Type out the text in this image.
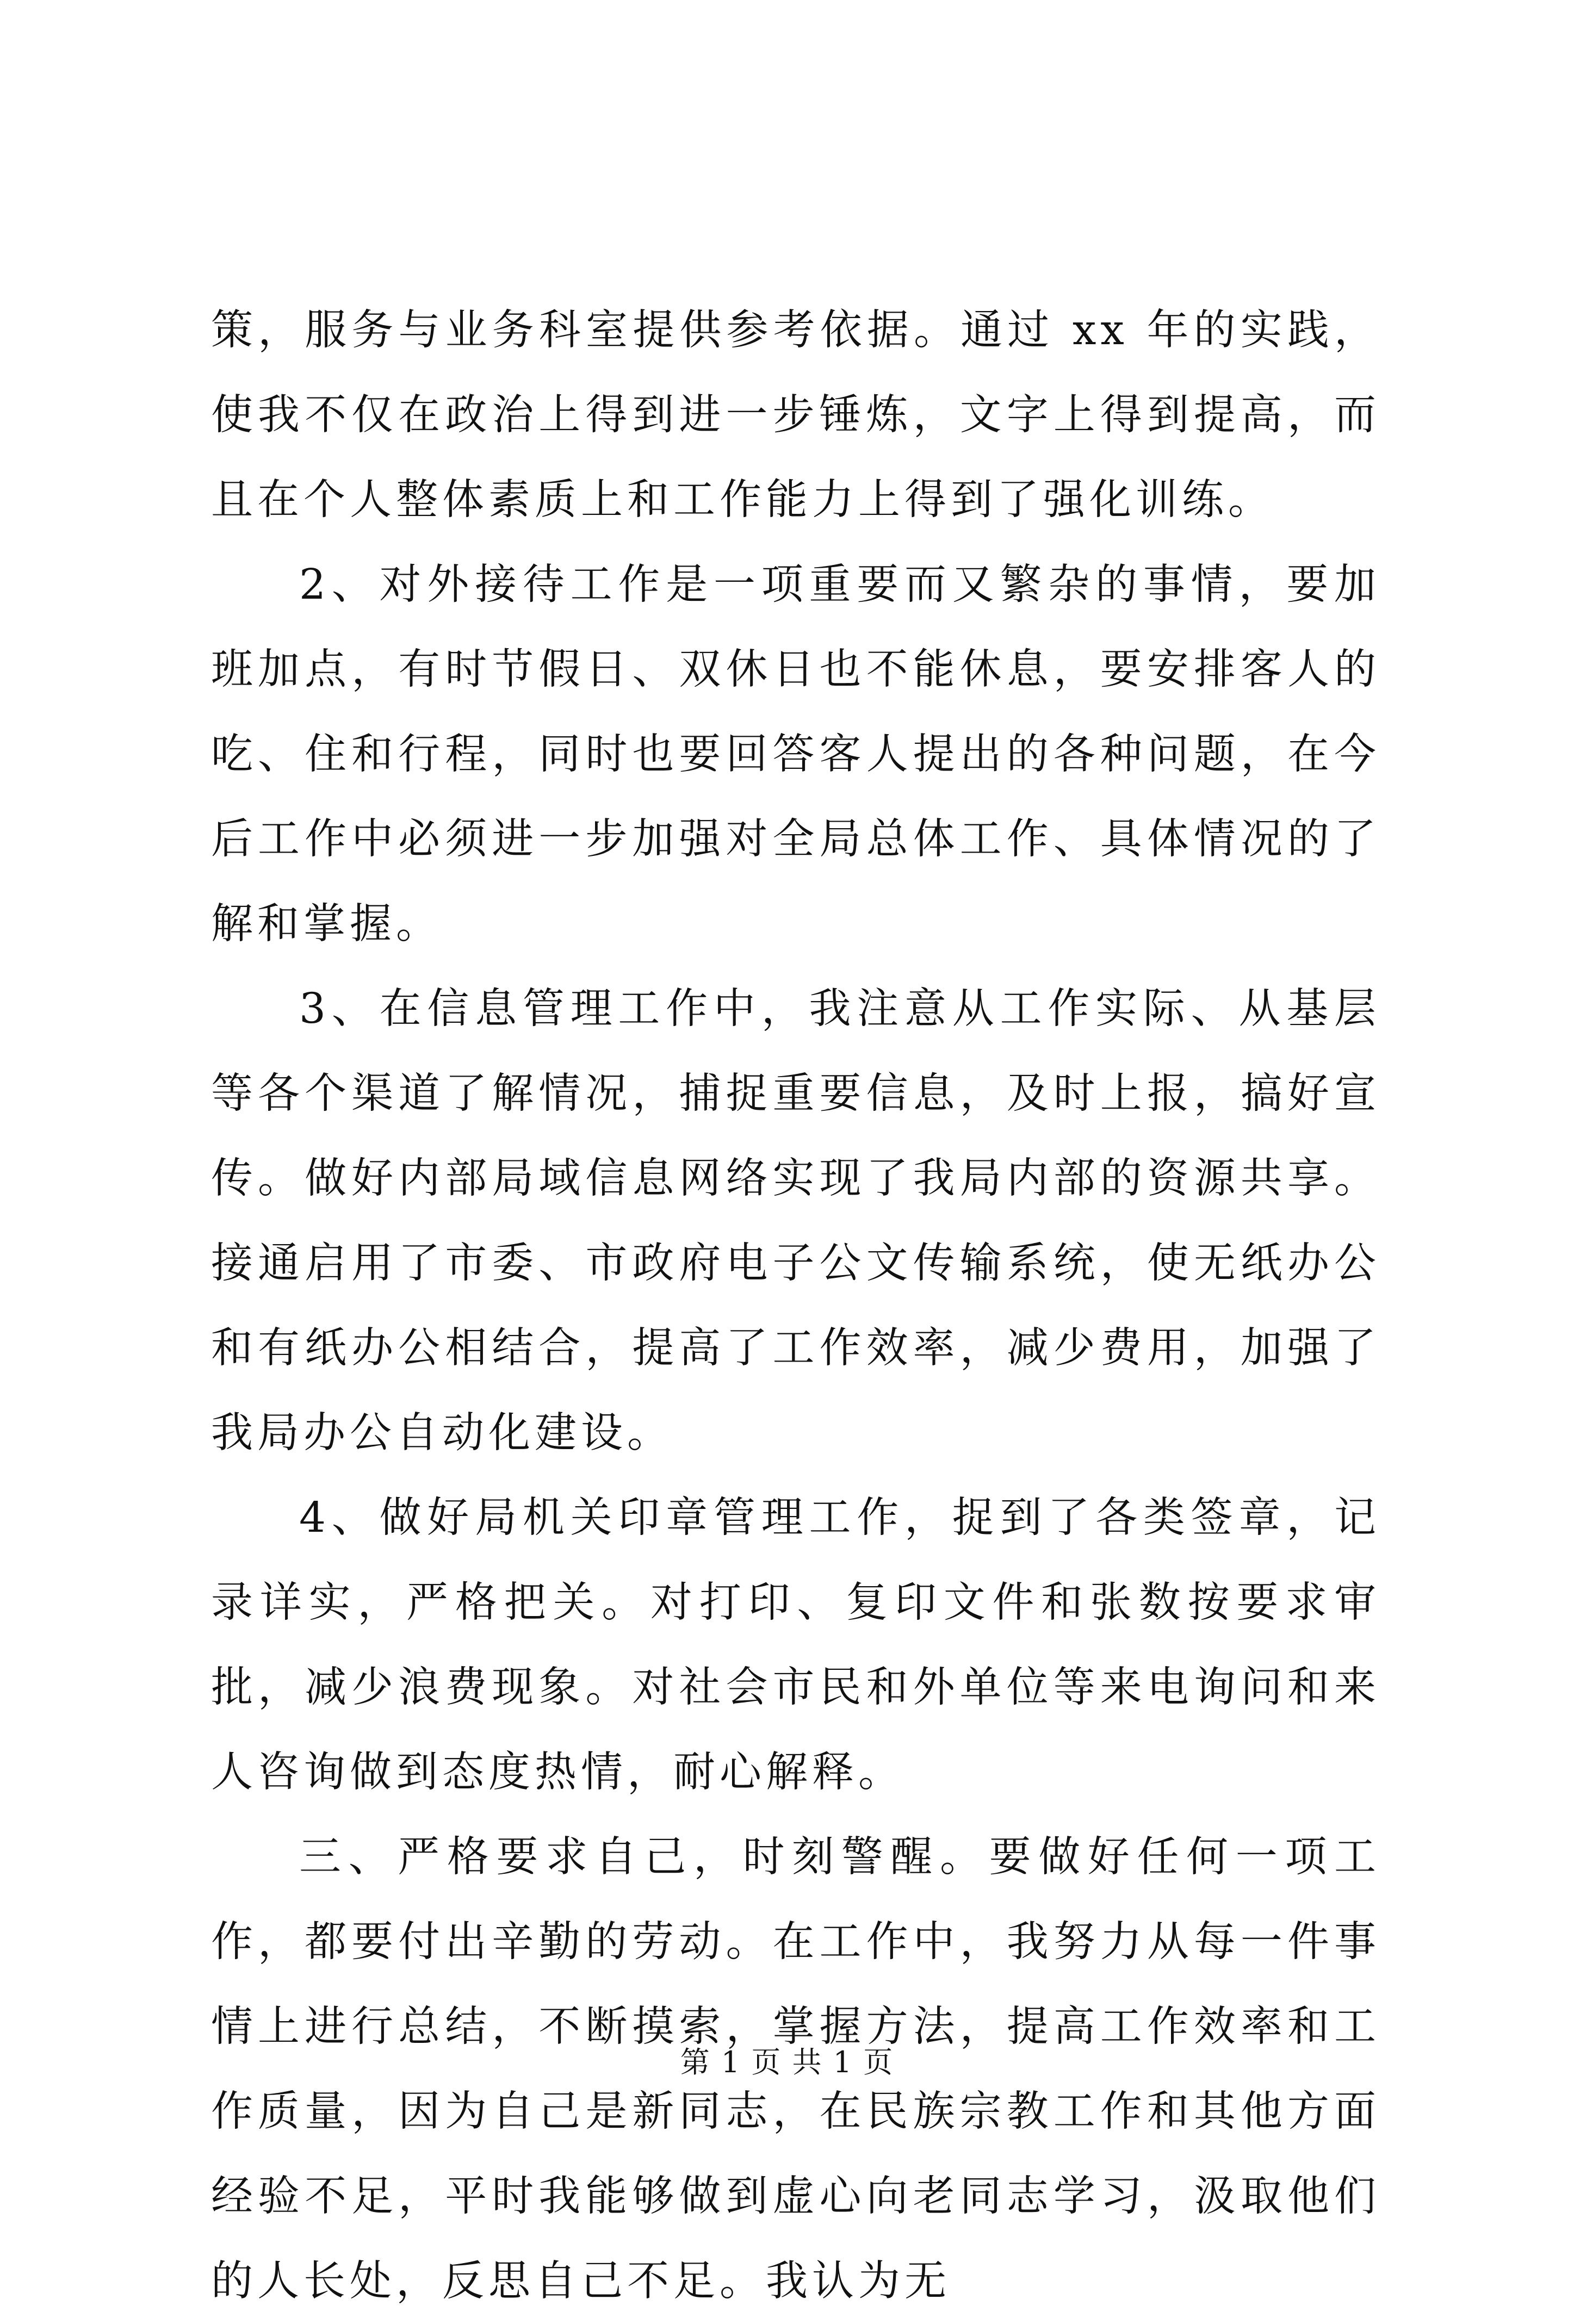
策，服务与业务科室提供参考依据。通过 xx 年的实践，使我不仅在政治上得到进一步锤炼，文字上得到提高，而且在个人整体素质上和工作能力上得到了强化训练。

2、对外接待工作是一项重要而又繁杂的事情，要加班加点，有时节假日、双休日也不能休息，要安排客人的吃、住和行程，同时也要回答客人提出的各种问题，在今后工作中必须进一步加强对全局总体工作、具体情况的了解和掌握。

3、在信息管理工作中，我注意从工作实际、从基层等各个渠道了解情况，捕捉重要信息，及时上报，搞好宣传。做好内部局域信息网络实现了我局内部的资源共享。接通启用了市委、市政府电子公文传输系统，使无纸办公和有纸办公相结合，提高了工作效率，减少费用，加强了我局办公自动化建设。

4、做好局机关印章管理工作，捉到了各类签章，记录详实，严格把关。对打印、复印文件和张数按要求审批，减少浪费现象。对社会市民和外单位等来电询问和来人咨询做到态度热情，耐心解释。

三、严格要求自己，时刻警醒。要做好任何一项工作，都要付出辛勤的劳动。在工作中，我努力从每一件事情上进行总结，不断摸索，掌握方法，提高工作效率和工作质量，因为自己是新同志，在民族宗教工作和其他方面经验不足，平时我能够做到虚心向老同志学习，汲取他们的人长处，反思自己不足。我认为无

第 1 页 共 1 页
